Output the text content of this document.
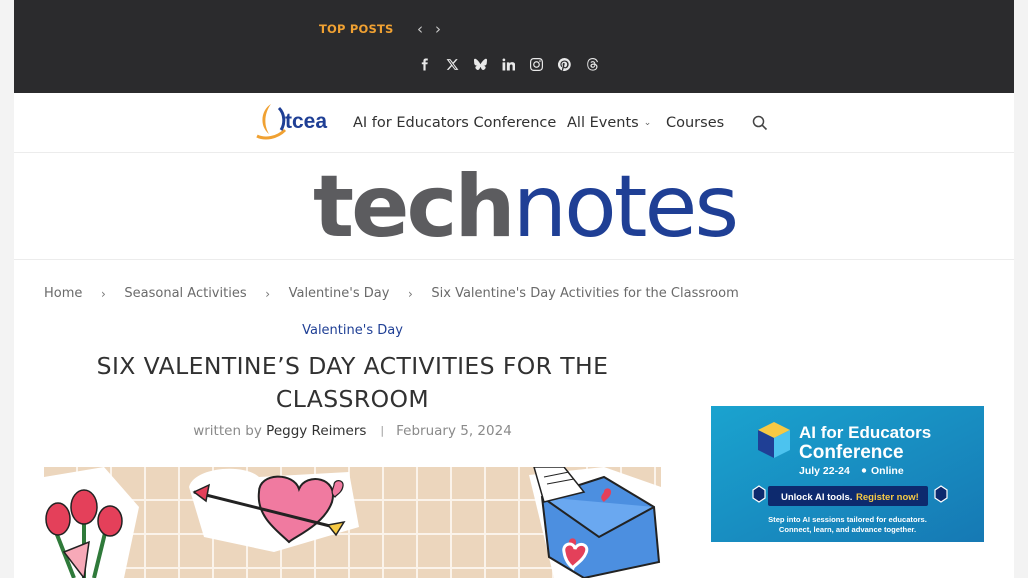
TOP POSTS ‹ ›
tcea AI for Educators Conference All Events ⌄ Courses
technotes
Home	›	Seasonal Activities	›	Valentine's Day	›	Six Valentine's Day Activities for the Classroom
Valentine's Day
SIX VALENTINE’S DAY ACTIVITIES FOR THE CLASSROOM
written by Peggy Reimers | February 5, 2024	AI for Educators
Conference
July 22-24 Online
Unlock AI tools. Register now!
Step into AI sessions tailored for educators.
Connect, learn, and advance together.
